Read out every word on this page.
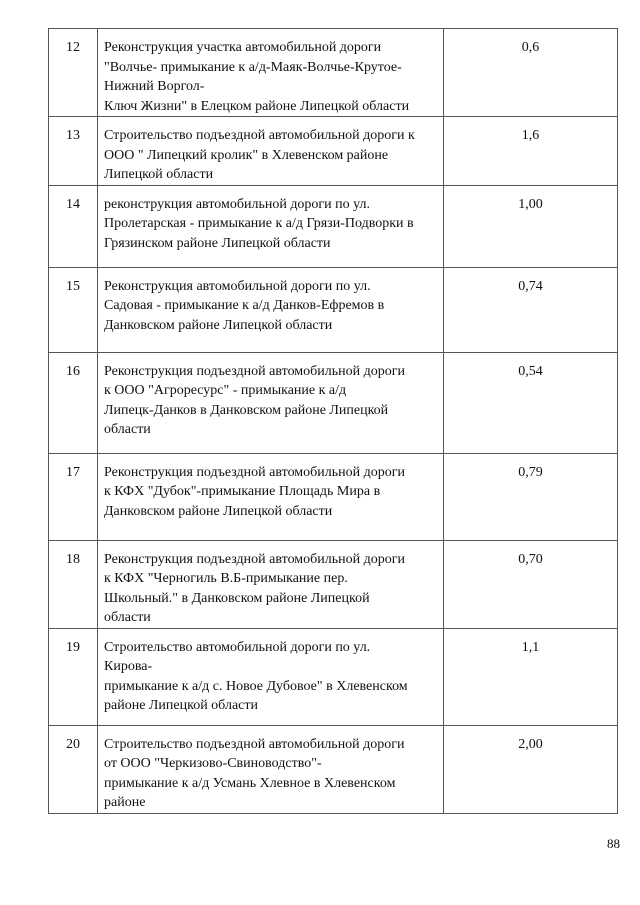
12	Реконструкция участка автомобильной дороги
"Волчье- примыкание к а/д-Маяк-Волчье-Крутое-
Нижний Воргол-
Ключ Жизни" в Елецком районе Липецкой области	0,6
13	Строительство подъездной автомобильной дороги к
ООО " Липецкий кролик" в Хлевенском районе
Липецкой области	1,6
14	реконструкция автомобильной дороги по ул.
Пролетарская - примыкание к а/д Грязи-Подворки в
Грязинском районе Липецкой области	1,00
15	Реконструкция автомобильной дороги по ул.
Садовая - примыкание к а/д Данков-Ефремов в
Данковском районе Липецкой области	0,74
16	Реконструкция подъездной автомобильной дороги
к ООО "Агроресурс" - примыкание к а/д
Липецк-Данков в Данковском районе Липецкой
области	0,54
17	Реконструкция подъездной автомобильной дороги
к КФХ "Дубок"-примыкание Площадь Мира в
Данковском районе Липецкой области	0,79
18	Реконструкция подъездной автомобильной дороги
к КФХ "Черногиль В.Б-примыкание пер.
Школьный." в Данковском районе Липецкой
области	0,70
19	Строительство автомобильной дороги по ул.
Кирова-
примыкание к а/д с. Новое Дубовое" в Хлевенском
районе Липецкой области	1,1
20	Строительство подъездной автомобильной дороги
от ООО "Черкизово-Свиноводство"-
примыкание к а/д Усмань Хлевное в Хлевенском
районе	2,00
88
